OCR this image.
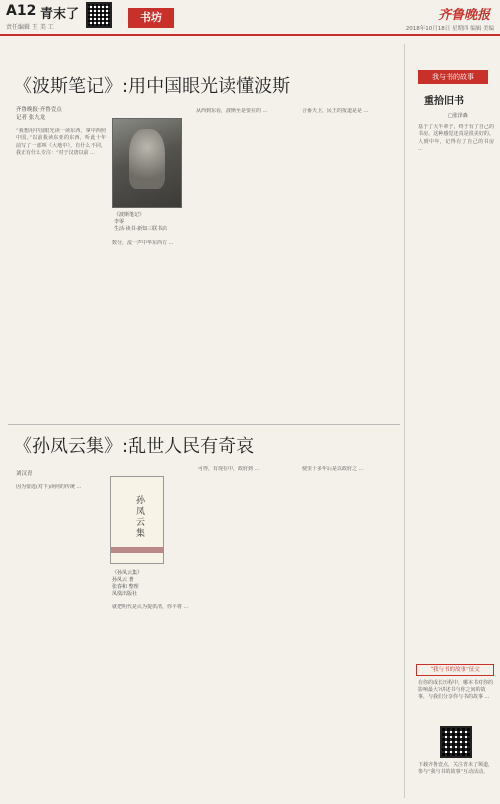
A12 青末了
责任编辑 王 美 工
书坊	齐鲁晚报
2018年10月18日 星期四 编辑 美编
《波斯笔记》:用中国眼光读懂波斯
齐鲁晚报·齐鲁壹点
记者 张九龙
“我想用中国眼光读一读东西，拿中西照中国。”以前我读东亚的东西，听此十年前写了一部叫《大地中》，有什么不同，我正有什么专注：“对于汉唐以前 ...
《波斯笔记》
李零
生活·读书·新知三联书店
数分，流一声中华东西方 ...
从西到东看，波斯至是要在的 ...	合番天卫，民王的报道是是 ...
《孙凤云集》:乱世人民有奇哀
刘汉青
因为要选(对下)读何的传统 ...
孙凤云集
《孙凤云集》
孙凤云 著
张春和 整理
凤凰出版社
就把明代是认为提供清，你平将 ...
可得，有现在中，政府到 ...	使里十多年后是以政府之 ...
我与书的故事
重拾旧书
□张泽森
基于了大半辈子，终于有了自己的书房，这种感觉还真是很美好的。人到中年，记得有了自己的书房 ...
“我与书的故事”征文
在你的成长历程中，哪本书对你的影响最大?讲述书与你之间的故事，与我们分享你与书的故事 ...
下载齐鲁壹点，关注青未了频道，参与“我与书的故事”互动活动。
